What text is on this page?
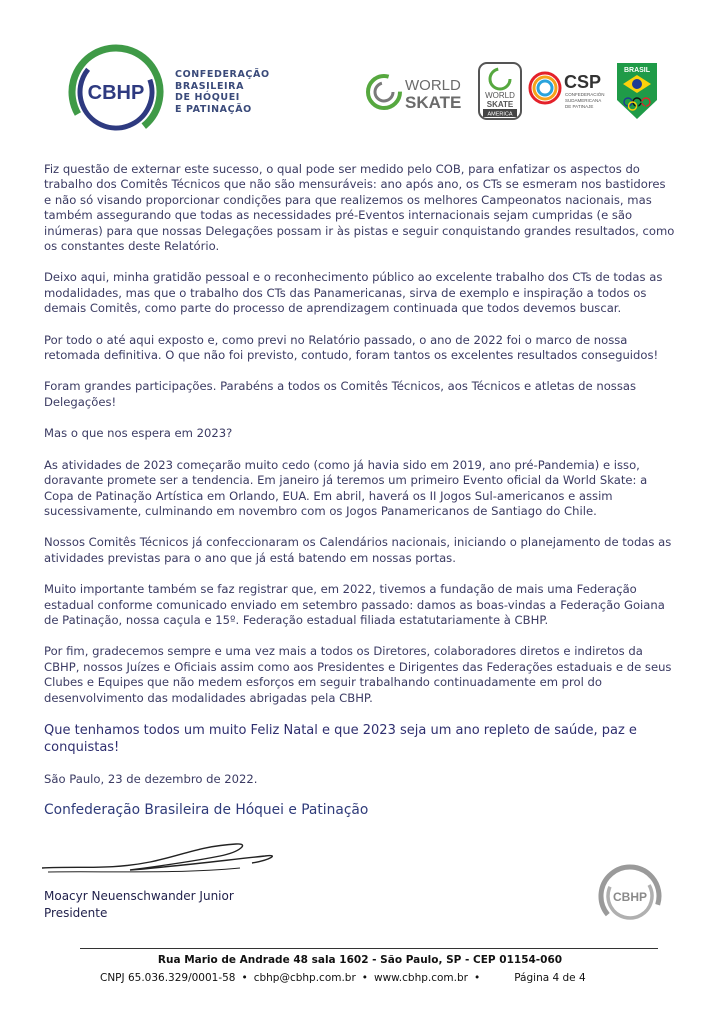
CBHP
CONFEDERAÇÃO
BRASILEIRA
DE HÓQUEI
E PATINAÇÃO
WORLD
SKATE	WORLD
SKATE
AMERICA
CSP
CONFEDERACIÓN
SUDAMERICANA
DE PATINAJE
BRASIL

Fiz questão de externar este sucesso, o qual pode ser medido pelo COB, para enfatizar os aspectos do trabalho dos Comitês Técnicos que não são mensuráveis: ano após ano, os CTs se esmeram nos bastidores e não só visando proporcionar condições para que realizemos os melhores Campeonatos nacionais, mas também assegurando que todas as necessidades pré-Eventos internacionais sejam cumpridas (e são inúmeras) para que nossas Delegações possam ir às pistas e seguir conquistando grandes resultados, como os constantes deste Relatório.

Deixo aqui, minha gratidão pessoal e o reconhecimento público ao excelente trabalho dos CTs de todas as modalidades, mas que o trabalho dos CTs das Panamericanas, sirva de exemplo e inspiração a todos os demais Comitês, como parte do processo de aprendizagem continuada que todos devemos buscar.

Por todo o até aqui exposto e, como previ no Relatório passado, o ano de 2022 foi o marco de nossa retomada definitiva. O que não foi previsto, contudo, foram tantos os excelentes resultados conseguidos!

Foram grandes participações. Parabéns a todos os Comitês Técnicos, aos Técnicos e atletas de nossas Delegações!

Mas o que nos espera em 2023?

As atividades de 2023 começarão muito cedo (como já havia sido em 2019, ano pré-Pandemia) e isso, doravante promete ser a tendencia. Em janeiro já teremos um primeiro Evento oficial da World Skate: a Copa de Patinação Artística em Orlando, EUA. Em abril, haverá os II Jogos Sul-americanos e assim sucessivamente, culminando em novembro com os Jogos Panamericanos de Santiago do Chile.

Nossos Comitês Técnicos já confeccionaram os Calendários nacionais, iniciando o planejamento de todas as atividades previstas para o ano que já está batendo em nossas portas.

Muito importante também se faz registrar que, em 2022, tivemos a fundação de mais uma Federação estadual conforme comunicado enviado em setembro passado: damos as boas-vindas a Federação Goiana de Patinação, nossa caçula e 15º. Federação estadual filiada estatutariamente à CBHP.

Por fim, gradecemos sempre e uma vez mais a todos os Diretores, colaboradores diretos e indiretos da CBHP, nossos Juízes e Oficiais assim como aos Presidentes e Dirigentes das Federações estaduais e de seus Clubes e Equipes que não medem esforços em seguir trabalhando continuadamente em prol do desenvolvimento das modalidades abrigadas pela CBHP.

Que tenhamos todos um muito Feliz Natal e que 2023 seja um ano repleto de saúde, paz e conquistas!

São Paulo, 23 de dezembro de 2022.

Confederação Brasileira de Hóquei e Patinação
Moacyr Neuenschwander Junior
Presidente
CBHP
Rua Mario de Andrade 48 sala 1602 - São Paulo, SP - CEP 01154-060
CNPJ 65.036.329/0001-58 • cbhp@cbhp.com.br • www.cbhp.com.br •	Página 4 de 4
